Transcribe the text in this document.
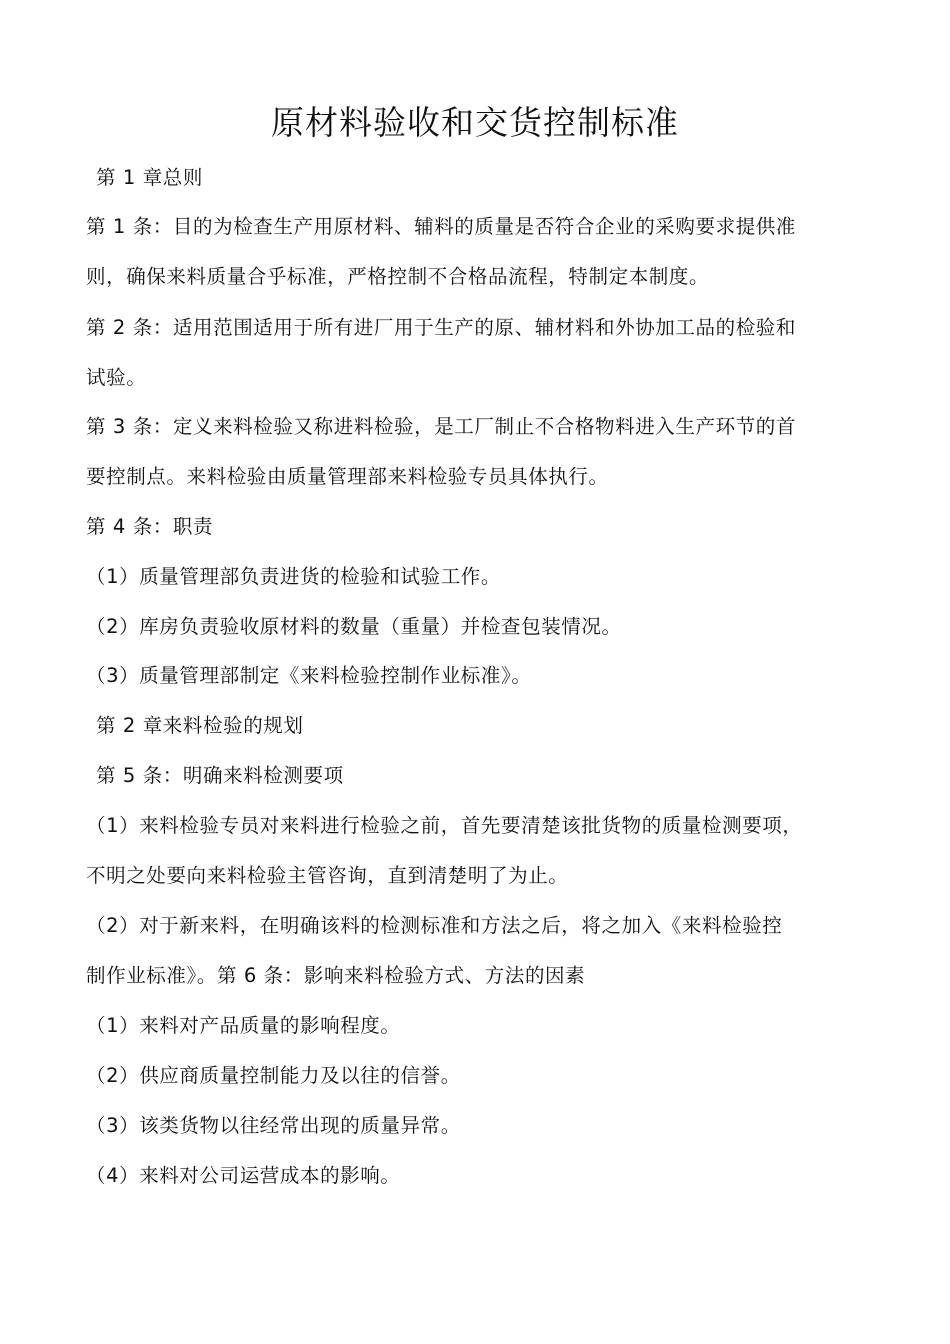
原材料验收和交货控制标准
第 1 章总则
第 1 条：目的为检查生产用原材料、辅料的质量是否符合企业的采购要求提供准
则，确保来料质量合乎标准，严格控制不合格品流程，特制定本制度。
第 2 条：适用范围适用于所有进厂用于生产的原、辅材料和外协加工品的检验和
试验。
第 3 条：定义来料检验又称进料检验，是工厂制止不合格物料进入生产环节的首
要控制点。来料检验由质量管理部来料检验专员具体执行。
第 4 条：职责
（1）质量管理部负责进货的检验和试验工作。
（2）库房负责验收原材料的数量（重量）并检查包装情况。
（3）质量管理部制定《来料检验控制作业标准》。
第 2 章来料检验的规划
第 5 条：明确来料检测要项
（1）来料检验专员对来料进行检验之前，首先要清楚该批货物的质量检测要项，
不明之处要向来料检验主管咨询，直到清楚明了为止。
（2）对于新来料，在明确该料的检测标准和方法之后，将之加入《来料检验控
制作业标准》。第 6 条：影响来料检验方式、方法的因素
（1）来料对产品质量的影响程度。
（2）供应商质量控制能力及以往的信誉。
（3）该类货物以往经常出现的质量异常。
（4）来料对公司运营成本的影响。
